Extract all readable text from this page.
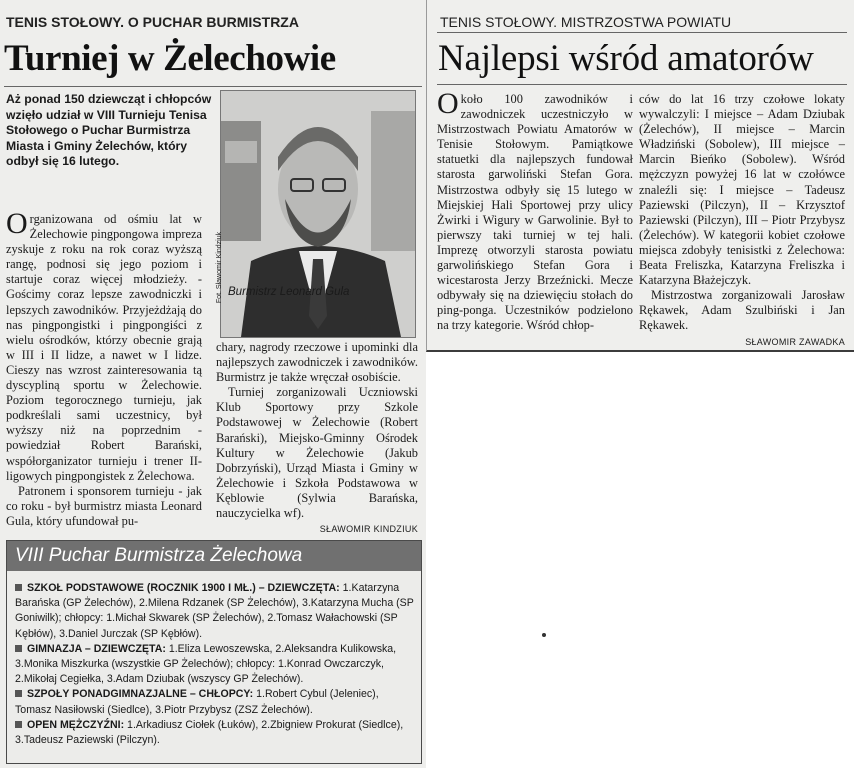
TENIS STOŁOWY. O PUCHAR BURMISTRZA
Turniej w Żelechowie

Aż ponad 150 dziewcząt i chłopców wzięło udział w VIII Turnieju Tenisa Stołowego o Puchar Burmistrza Miasta i Gminy Żelechów, który odbył się 16 lutego.

Organizowana od ośmiu lat w Żelechowie pingpongowa impreza zyskuje z roku na rok coraz wyższą rangę, podnosi się jego poziom i startuje coraz więcej młodzieży. - Gościmy coraz lepsze zawodniczki i lepszych zawodników. Przyjeżdżają do nas pingpongistki i pingpongiści z wielu ośrodków, którzy obecnie grają w III i II lidze, a nawet w I lidze. Cieszy nas wzrost zainteresowania tą dyscypliną sportu w Żelechowie. Poziom tegorocznego turnieju, jak podkreślali sami uczestnicy, był wyższy niż na poprzednim - powiedział Robert Barański, współorganizator turnieju i trener II-ligowych pingpongistek z Żelechowa.

Patronem i sponsorem turnieju - jak co roku - był burmistrz miasta Leonard Gula, który ufundował pu-

Fot. Sławomir Kindziuk Burmistrz Leonard Gula

chary, nagrody rzeczowe i upominki dla najlepszych zawodniczek i zawodników. Burmistrz je także wręczał osobiście.

Turniej zorganizowali Uczniowski Klub Sportowy przy Szkole Podstawowej w Żelechowie (Robert Barański), Miejsko-Gminny Ośrodek Kultury w Żelechowie (Jakub Dobrzyński), Urząd Miasta i Gminy w Żelechowie i Szkoła Podstawowa w Kęblowie (Sylwia Barańska, nauczycielka wf).

SŁAWOMIR KINDZIUK
VIII Puchar Burmistrza Żelechowa

SZKOŁ PODSTAWOWE (ROCZNIK 1900 I MŁ.) – DZIEWCZĘTA: 1.Katarzyna Barańska (GP Żelechów), 2.Milena Rdzanek (SP Żelechów), 3.Katarzyna Mucha (SP Goniwilk); chłopcy: 1.Michał Skwarek (SP Żelechów), 2.Tomasz Wałachowski (SP Kębłów), 3.Daniel Jurczak (SP Kębłów).

GIMNAZJA – DZIEWCZĘTA: 1.Eliza Lewoszewska, 2.Aleksandra Kulikowska, 3.Monika Miszkurka (wszystkie GP Żelechów); chłopcy: 1.Konrad Owczarczyk, 2.Mikołaj Cegiełka, 3.Adam Dziubak (wszyscy GP Żelechów).

SZPOŁY PONADGIMNAZJALNE – CHŁOPCY: 1.Robert Cybul (Jeleniec), Tomasz Nasiłowski (Siedlce), 3.Piotr Przybysz (ZSZ Żelechów).

OPEN MĘŻCZYŹNI: 1.Arkadiusz Ciołek (Łuków), 2.Zbigniew Prokurat (Siedlce), 3.Tadeusz Paziewski (Pilczyn).

Około 100 zawodników i zawodniczek uczestniczyło w Mistrzostwach Powiatu Amatorów w Tenisie Stołowym. Pamiątkowe statuetki dla najlepszych fundował starosta garwoliński Stefan Gora. Mistrzostwa odbyły się 15 lutego w Miejskiej Hali Sportowej przy ulicy Żwirki i Wigury w Garwolinie. Był to pierwszy taki turniej w tej hali. Imprezę otworzyli starosta powiatu garwolińskiego Stefan Gora i wicestarosta Jerzy Brzeźnicki. Mecze odbywały się na dziewięciu stołach do ping-ponga. Uczestników podzielono na trzy kategorie. Wśród chłop-

ców do lat 16 trzy czołowe lokaty wywalczyli: I miejsce – Adam Dziubak (Żelechów), II miejsce – Marcin Władziński (Sobolew), III miejsce – Marcin Bieńko (Sobolew). Wśród mężczyzn powyżej 16 lat w czołówce znaleźli się: I miejsce – Tadeusz Paziewski (Pilczyn), II – Krzysztof Paziewski (Pilczyn), III – Piotr Przybysz (Żelechów). W kategorii kobiet czołowe miejsca zdobyły tenisistki z Żelechowa: Beata Freliszka, Katarzyna Freliszka i Katarzyna Błażejczyk.

Mistrzostwa zorganizowali Jarosław Rękawek, Adam Szulbiński i Jan Rękawek.

SŁAWOMIR ZAWADKA
TENIS STOŁOWY. MISTRZOSTWA POWIATU
Najlepsi wśród amatorów
